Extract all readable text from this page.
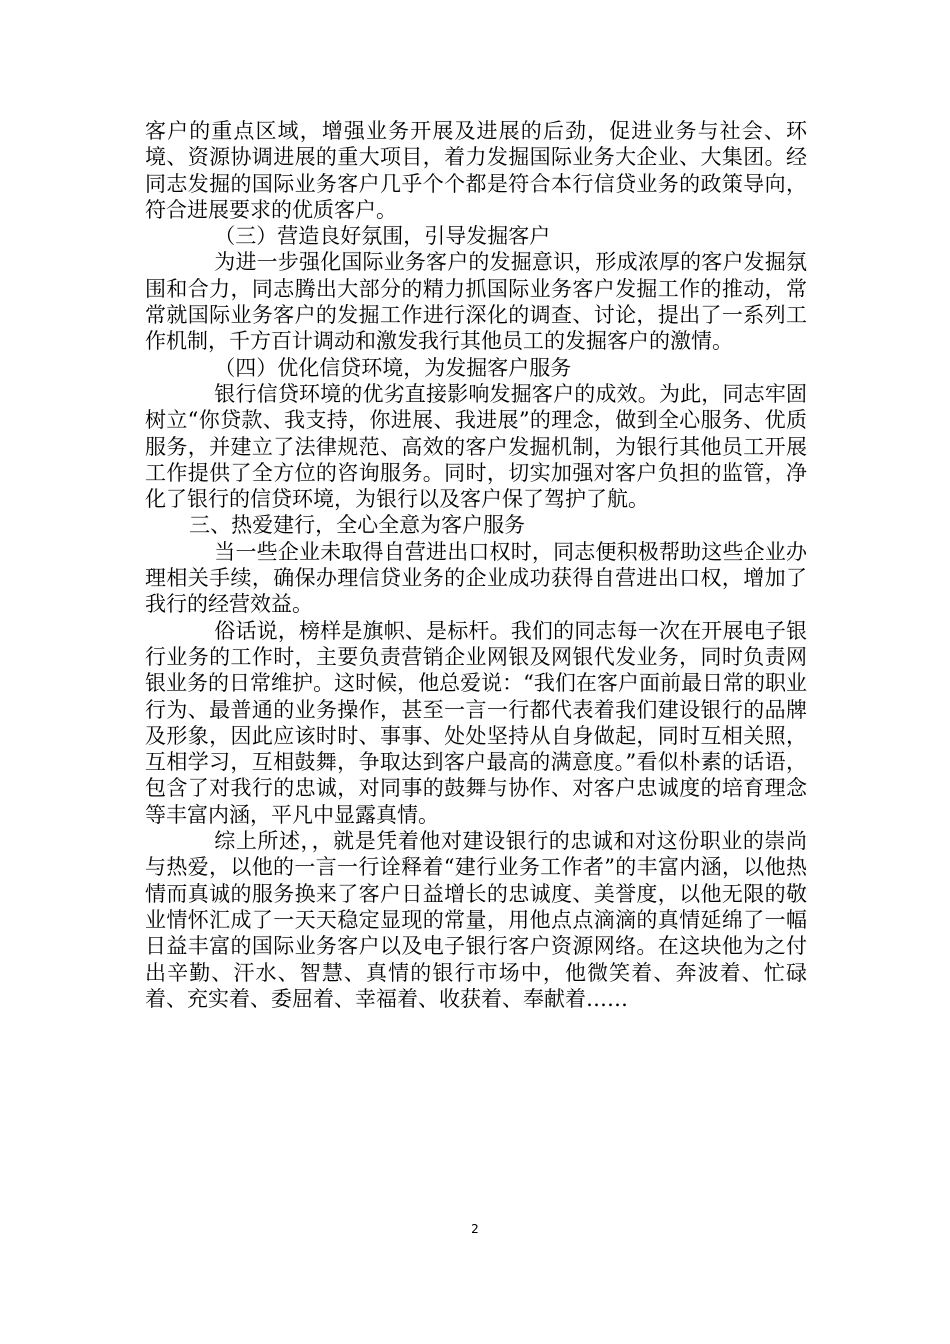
客户的重点区域，增强业务开展及进展的后劲，促进业务与社会、环境、资源协调进展的重大项目，着力发掘国际业务大企业、大集团。经同志发掘的国际业务客户几乎个个都是符合本行信贷业务的政策导向，符合进展要求的优质客户。

（三）营造良好氛围，引导发掘客户

为进一步强化国际业务客户的发掘意识，形成浓厚的客户发掘氛围和合力，同志腾出大部分的精力抓国际业务客户发掘工作的推动，常常就国际业务客户的发掘工作进行深化的调查、讨论，提出了一系列工作机制，千方百计调动和激发我行其他员工的发掘客户的激情。

（四）优化信贷环境，为发掘客户服务

银行信贷环境的优劣直接影响发掘客户的成效。为此，同志牢固树立“你贷款、我支持，你进展、我进展”的理念，做到全心服务、优质服务，并建立了法律规范、高效的客户发掘机制，为银行其他员工开展工作提供了全方位的咨询服务。同时，切实加强对客户负担的监管，净化了银行的信贷环境，为银行以及客户保了驾护了航。

三、热爱建行，全心全意为客户服务

当一些企业未取得自营进出口权时，同志便积极帮助这些企业办理相关手续，确保办理信贷业务的企业成功获得自营进出口权，增加了我行的经营效益。

俗话说，榜样是旗帜、是标杆。我们的同志每一次在开展电子银行业务的工作时，主要负责营销企业网银及网银代发业务，同时负责网银业务的日常维护。这时候，他总爱说：“我们在客户面前最日常的职业行为、最普通的业务操作，甚至一言一行都代表着我们建设银行的品牌及形象，因此应该时时、事事、处处坚持从自身做起，同时互相关照，互相学习，互相鼓舞，争取达到客户最高的满意度。”看似朴素的话语，包含了对我行的忠诚，对同事的鼓舞与协作、对客户忠诚度的培育理念等丰富内涵，平凡中显露真情。

综上所述，，就是凭着他对建设银行的忠诚和对这份职业的崇尚与热爱，以他的一言一行诠释着“建行业务工作者”的丰富内涵，以他热情而真诚的服务换来了客户日益增长的忠诚度、美誉度，以他无限的敬业情怀汇成了一天天稳定显现的常量，用他点点滴滴的真情延绵了一幅日益丰富的国际业务客户以及电子银行客户资源网络。在这块他为之付出辛勤、汗水、智慧、真情的银行市场中，他微笑着、奔波着、忙碌着、充实着、委屈着、幸福着、收获着、奉献着……

2
